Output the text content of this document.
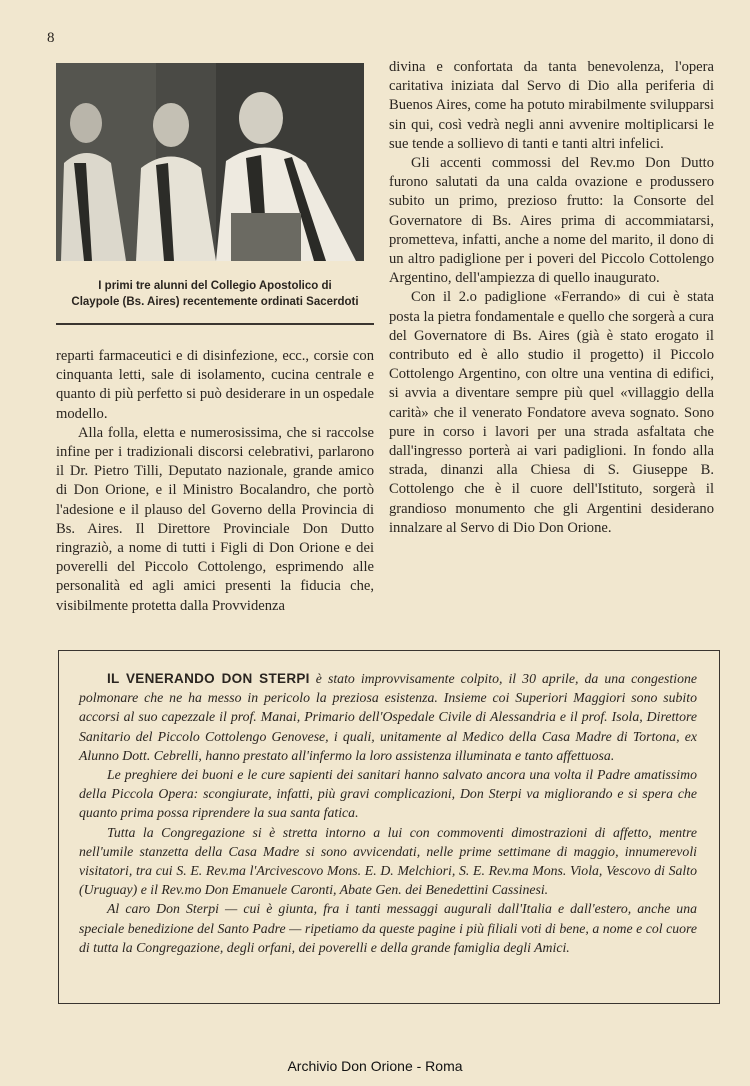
8
I primi tre alunni del Collegio Apostolico di
Claypole (Bs. Aires) recentemente ordinati Sacerdoti

reparti farmaceutici e di disinfezione, ecc., corsie con cinquanta letti, sale di isolamento, cucina centrale e quanto di più perfetto si può desiderare in un ospedale modello.

Alla folla, eletta e numerosissima, che si raccolse infine per i tradizionali discorsi celebrativi, parlarono il Dr. Pietro Tilli, Deputato nazionale, grande amico di Don Orione, e il Ministro Bocalandro, che portò l'adesione e il plauso del Governo della Provincia di Bs. Aires. Il Direttore Provinciale Don Dutto ringraziò, a nome di tutti i Figli di Don Orione e dei poverelli del Piccolo Cottolengo, esprimendo alle personalità ed agli amici presenti la fiducia che, visibilmente protetta dalla Provvidenza

divina e confortata da tanta benevolenza, l'opera caritativa iniziata dal Servo di Dio alla periferia di Buenos Aires, come ha potuto mirabilmente svilupparsi sin qui, così vedrà negli anni avvenire moltiplicarsi le sue tende a sollievo di tanti e tanti altri infelici.

Gli accenti commossi del Rev.mo Don Dutto furono salutati da una calda ovazione e produssero subito un primo, prezioso frutto: la Consorte del Governatore di Bs. Aires prima di accommiatarsi, prometteva, infatti, anche a nome del marito, il dono di un altro padiglione per i poveri del Piccolo Cottolengo Argentino, dell'ampiezza di quello inaugurato.

Con il 2.o padiglione «Ferrando» di cui è stata posta la pietra fondamentale e quello che sorgerà a cura del Governatore di Bs. Aires (già è stato erogato il contributo ed è allo studio il progetto) il Piccolo Cottolengo Argentino, con oltre una ventina di edifici, si avvia a diventare sempre più quel «villaggio della carità» che il venerato Fondatore aveva sognato. Sono pure in corso i lavori per una strada asfaltata che dall'ingresso porterà ai vari padiglioni. In fondo alla strada, dinanzi alla Chiesa di S. Giuseppe B. Cottolengo che è il cuore dell'Istituto, sorgerà il grandioso monumento che gli Argentini desiderano innalzare al Servo di Dio Don Orione.

IL VENERANDO DON STERPI è stato improvvisamente colpito, il 30 aprile, da una congestione polmonare che ne ha messo in pericolo la preziosa esistenza. Insieme coi Superiori Maggiori sono subito accorsi al suo capezzale il prof. Manai, Primario dell'Ospedale Civile di Alessandria e il prof. Isola, Direttore Sanitario del Piccolo Cottolengo Genovese, i quali, unitamente al Medico della Casa Madre di Tortona, ex Alunno Dott. Cebrelli, hanno prestato all'infermo la loro assistenza illuminata e tanto affettuosa.

Le preghiere dei buoni e le cure sapienti dei sanitari hanno salvato ancora una volta il Padre amatissimo della Piccola Opera: scongiurate, infatti, più gravi complicazioni, Don Sterpi va migliorando e si spera che quanto prima possa riprendere la sua santa fatica.

Tutta la Congregazione si è stretta intorno a lui con commoventi dimostrazioni di affetto, mentre nell'umile stanzetta della Casa Madre si sono avvicendati, nelle prime settimane di maggio, innumerevoli visitatori, tra cui S. E. Rev.ma l'Arcivescovo Mons. E. D. Melchiori, S. E. Rev.ma Mons. Viola, Vescovo di Salto (Uruguay) e il Rev.mo Don Emanuele Caronti, Abate Gen. dei Benedettini Cassinesi.

Al caro Don Sterpi — cui è giunta, fra i tanti messaggi augurali dall'Italia e dall'estero, anche una speciale benedizione del Santo Padre — ripetiamo da queste pagine i più filiali voti di bene, a nome e col cuore di tutta la Congregazione, degli orfani, dei poverelli e della grande famiglia degli Amici.

Archivio Don Orione - Roma
